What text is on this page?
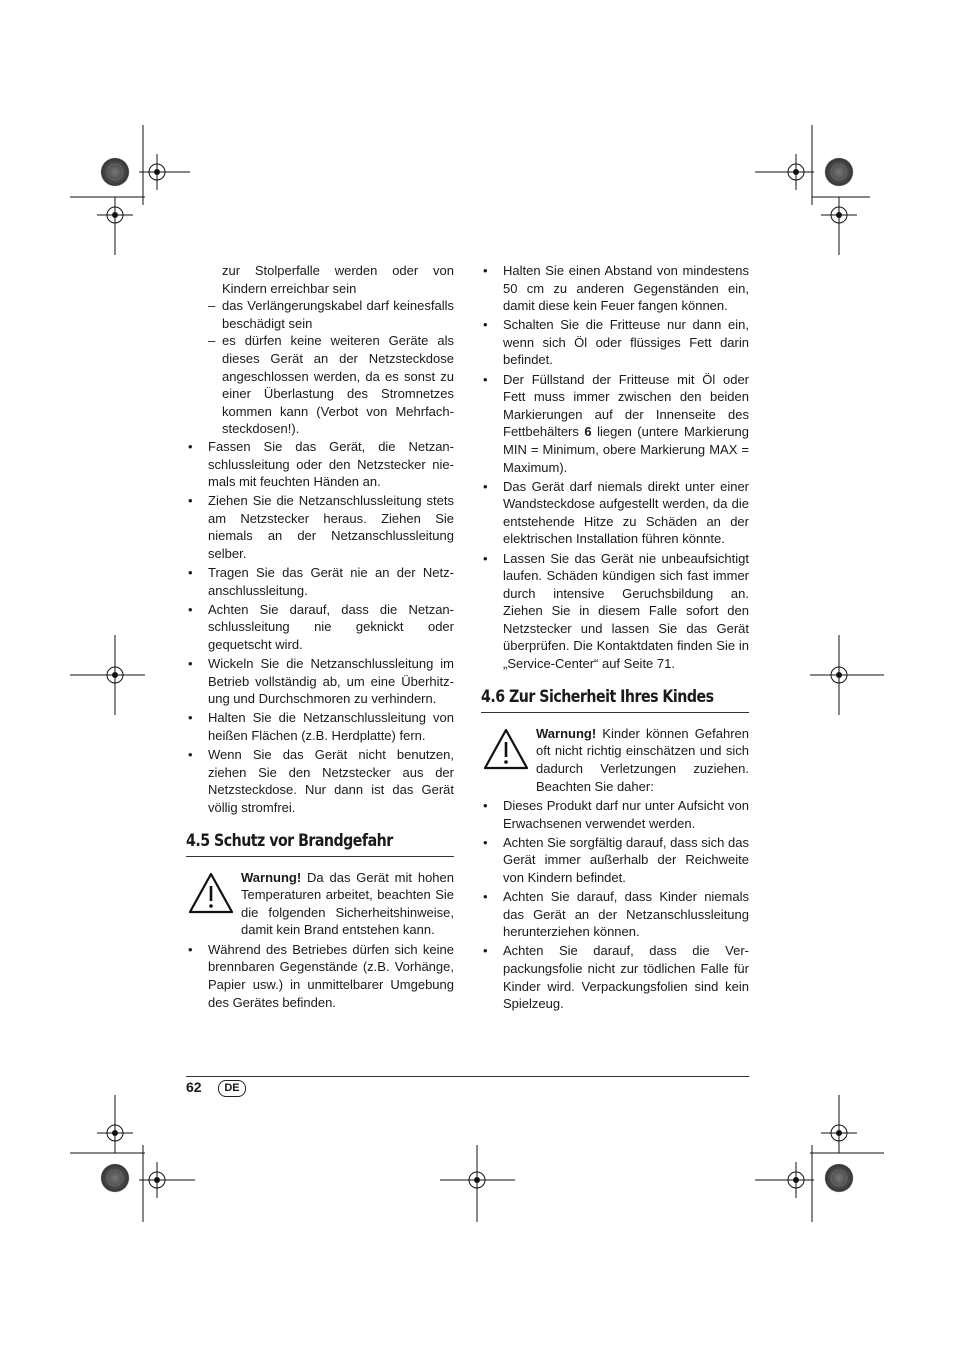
zur Stolperfalle werden oder von Kindern erreichbar sein
– das Verlängerungskabel darf keinesfalls beschädigt sein
– es dürfen keine weiteren Geräte als dieses Gerät an der Netzsteckdose angeschlossen werden, da es sonst zu einer Überlastung des Stromnetzes kommen kann (Verbot von Mehrfachsteckdosen!).
• Fassen Sie das Gerät, die Netzanschlussleitung oder den Netzstecker niemals mit feuchten Händen an.
• Ziehen Sie die Netzanschlussleitung stets am Netzstecker heraus. Ziehen Sie niemals an der Netzanschlussleitung selber.
• Tragen Sie das Gerät nie an der Netzanschlussleitung.
• Achten Sie darauf, dass die Netzanschlussleitung nie geknickt oder gequetscht wird.
• Wickeln Sie die Netzanschlussleitung im Betrieb vollständig ab, um eine Überhitzung und Durchschmoren zu verhindern.
• Halten Sie die Netzanschlussleitung von heißen Flächen (z.B. Herdplatte) fern.
• Wenn Sie das Gerät nicht benutzen, ziehen Sie den Netzstecker aus der Netzsteckdose. Nur dann ist das Gerät völlig stromfrei.
4.5 Schutz vor Brandgefahr
Warnung! Da das Gerät mit hohen Temperaturen arbeitet, beachten Sie die folgenden Sicherheitshinweise, damit kein Brand entstehen kann.
• Während des Betriebes dürfen sich keine brennbaren Gegenstände (z.B. Vorhänge, Papier usw.) in unmittelbarer Umgebung des Gerätes befinden.
• Halten Sie einen Abstand von mindestens 50 cm zu anderen Gegenständen ein, damit diese kein Feuer fangen können.
• Schalten Sie die Fritteuse nur dann ein, wenn sich Öl oder flüssiges Fett darin befindet.
• Der Füllstand der Fritteuse mit Öl oder Fett muss immer zwischen den beiden Markierungen auf der Innenseite des Fettbehälters 6 liegen (untere Markierung MIN = Minimum, obere Markierung MAX = Maximum).
• Das Gerät darf niemals direkt unter einer Wandsteckdose aufgestellt werden, da die entstehende Hitze zu Schäden an der elektrischen Installation führen könnte.
• Lassen Sie das Gerät nie unbeaufsichtigt laufen. Schäden kündigen sich fast immer durch intensive Geruchsbildung an. Ziehen Sie in diesem Falle sofort den Netzstecker und lassen Sie das Gerät überprüfen. Die Kontaktdaten finden Sie in „Service-Center“ auf Seite 71.
4.6 Zur Sicherheit Ihres Kindes
Warnung! Kinder können Gefahren oft nicht richtig einschätzen und sich dadurch Verletzungen zuziehen. Beachten Sie daher:
• Dieses Produkt darf nur unter Aufsicht von Erwachsenen verwendet werden.
• Achten Sie sorgfältig darauf, dass sich das Gerät immer außerhalb der Reichweite von Kindern befindet.
• Achten Sie darauf, dass Kinder niemals das Gerät an der Netzanschlussleitung herunterziehen können.
• Achten Sie darauf, dass die Verpackungsfolie nicht zur tödlichen Falle für Kinder wird. Verpackungsfolien sind kein Spielzeug.
62	DE
